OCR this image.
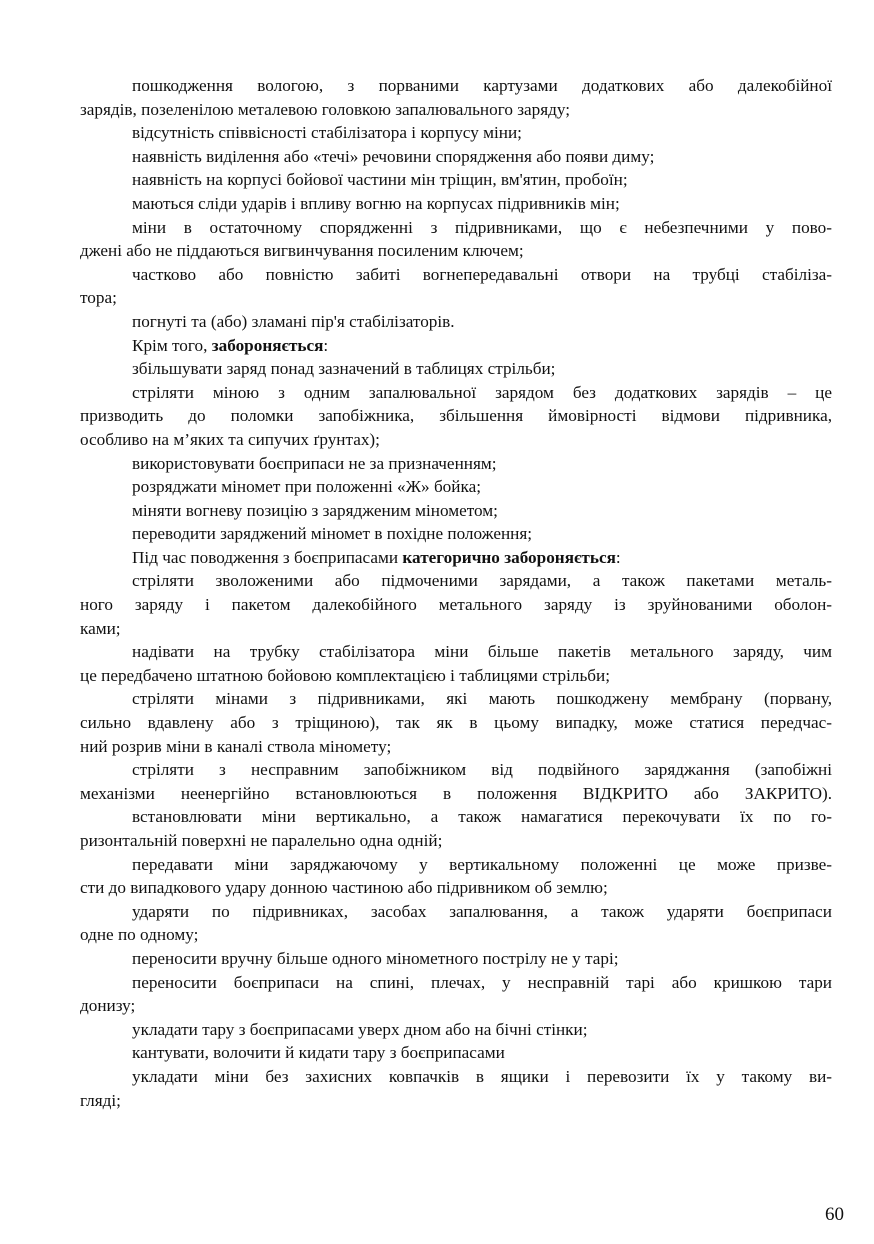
пошкодження вологою, з порваними картузами додаткових або далекобійної
зарядів, позеленілою металевою головкою запалювального заряду;
відсутність співвісності стабілізатора і корпусу міни;
наявність виділення або «течі» речовини спорядження або появи диму;
наявність на корпусі бойової частини мін тріщин, вм'ятин, пробоїн;
маються сліди ударів і впливу вогню на корпусах підривників мін;
міни в остаточному спорядженні з підривниками, що є небезпечними у пово-
джені або не піддаються вигвинчування посиленим ключем;
частково або повністю забиті вогнепередавальні отвори на трубці стабіліза-
тора;
погнуті та (або) зламані пір'я стабілізаторів.
Крім того, забороняється:
збільшувати заряд понад зазначений в таблицях стрільби;
стріляти міною з одним запалювальної зарядом без додаткових зарядів – це
призводить до поломки запобіжника, збільшення ймовірності відмови підривника,
особливо на м’яких та сипучих ґрунтах);
використовувати боєприпаси не за призначенням;
розряджати міномет при положенні «Ж» бойка;
міняти вогневу позицію з зарядженим мінометом;
переводити заряджений міномет в похідне положення;
Під час поводження з боєприпасами категорично забороняється:
стріляти зволоженими або підмоченими зарядами, а також пакетами металь-
ного заряду і пакетом далекобійного метального заряду із зруйнованими оболон-
ками;
надівати на трубку стабілізатора міни більше пакетів метального заряду, чим
це передбачено штатною бойовою комплектацією і таблицями стрільби;
стріляти мінами з підривниками, які мають пошкоджену мембрану (порвану,
сильно вдавлену або з тріщиною), так як в цьому випадку, може статися передчас-
ний розрив міни в каналі ствола міномету;
стріляти з несправним запобіжником від подвійного заряджання (запобіжні
механізми неенергійно встановлюються в положення ВІДКРИТО або ЗАКРИТО).
встановлювати міни вертикально, а також намагатися перекочувати їх по го-
ризонтальній поверхні не паралельно одна одній;
передавати міни заряджаючому у вертикальному положенні це може призве-
сти до випадкового удару донною частиною або підривником об землю;
ударяти по підривниках, засобах запалювання, а також ударяти боєприпаси
одне по одному;
переносити вручну більше одного мінометного пострілу не у тарі;
переносити боєприпаси на спині, плечах, у несправній тарі або кришкою тари
донизу;
укладати тару з боєприпасами уверх дном або на бічні стінки;
кантувати, волочити й кидати тару з боєприпасами
укладати міни без захисних ковпачків в ящики і перевозити їх у такому ви-
гляді;
60
